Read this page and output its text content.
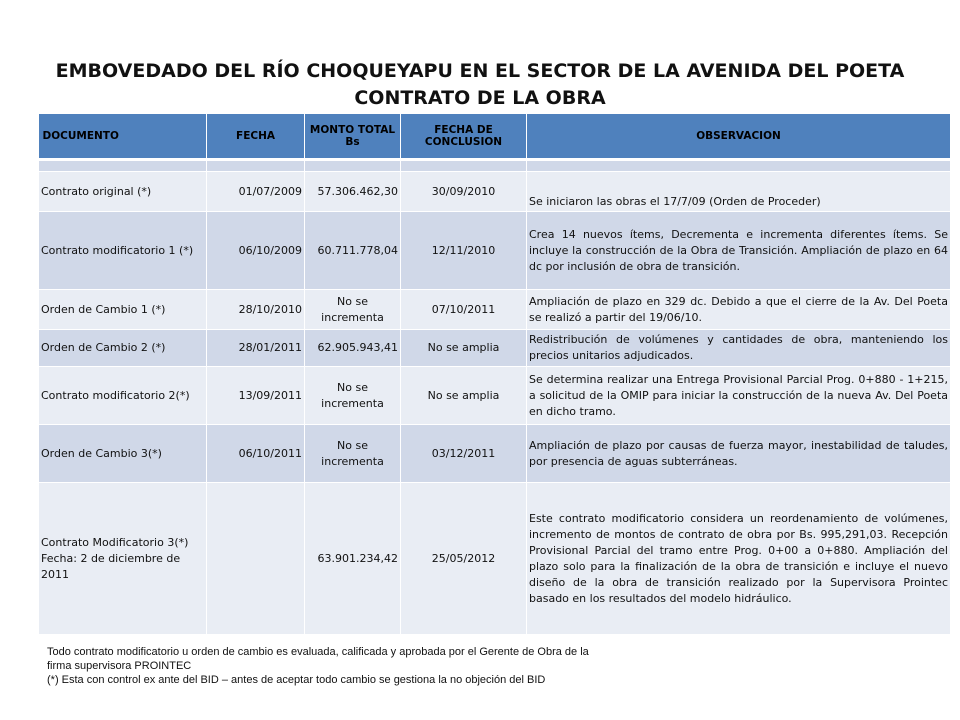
EMBOVEDADO DEL RÍO CHOQUEYAPU EN EL SECTOR DE LA AVENIDA DEL POETA
CONTRATO DE LA OBRA
DOCUMENTO	FECHA	MONTO TOTAL Bs	FECHA DE CONCLUSION	OBSERVACION

Contrato original (*)	01/07/2009	57.306.462,30	30/09/2010	Se iniciaron las obras el 17/7/09 (Orden de Proceder)
Contrato modificatorio 1 (*)	06/10/2009	60.711.778,04	12/11/2010	Crea 14 nuevos ítems, Decrementa e incrementa diferentes ítems. Se incluye la construcción de la Obra de Transición. Ampliación de plazo en 64 dc por inclusión de obra de transición.
Orden de Cambio 1 (*)	28/10/2010	No se incrementa	07/10/2011	Ampliación de plazo en 329 dc. Debido a que el cierre de la Av. Del Poeta se realizó a partir del 19/06/10.
Orden de Cambio 2 (*)	28/01/2011	62.905.943,41	No se amplia	Redistribución de volúmenes y cantidades de obra, manteniendo los precios unitarios adjudicados.
Contrato modificatorio 2(*)	13/09/2011	No se incrementa	No se amplia	Se determina realizar una Entrega Provisional Parcial Prog. 0+880 - 1+215, a solicitud de la OMIP para iniciar la construcción de la nueva Av. Del Poeta en dicho tramo.
Orden de Cambio 3(*)	06/10/2011	No se incrementa	03/12/2011	Ampliación de plazo por causas de fuerza mayor, inestabilidad de taludes, por presencia de aguas subterráneas.

Contrato Modificatorio 3(*)
Fecha: 2 de diciembre de 2011		63.901.234,42	25/05/2012	Este contrato modificatorio considera un reordenamiento de volúmenes, incremento de montos de contrato de obra por Bs. 995,291,03. Recepción Provisional Parcial del tramo entre Prog. 0+00 a 0+880. Ampliación del plazo solo para la finalización de la obra de transición e incluye el nuevo diseño de la obra de transición realizado por la Supervisora Prointec basado en los resultados del modelo hidráulico.
Todo contrato modificatorio u orden de cambio es evaluada, calificada y aprobada por el Gerente de Obra de la
firma supervisora PROINTEC
(*) Esta con control ex ante del BID – antes de aceptar todo cambio se gestiona la no objeción del BID
